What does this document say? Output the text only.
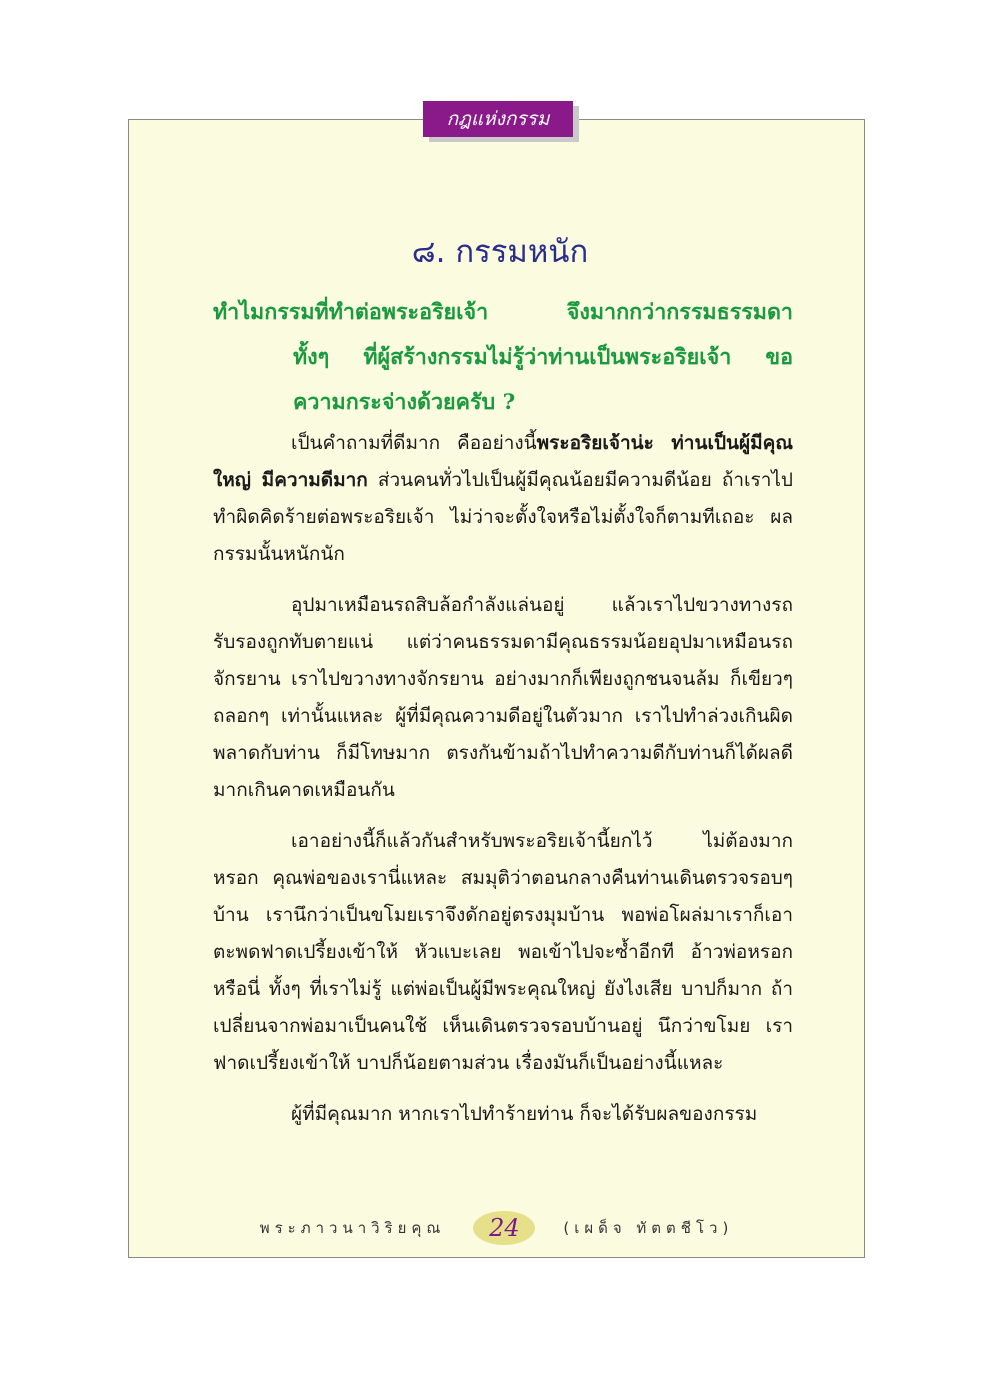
กฎแห่งกรรม
๘. กรรมหนัก
ทำไมกรรมที่ทำต่อพระอริยเจ้า จึงมากกว่ากรรมธรรมดา
ทั้งๆ ที่ผู้สร้างกรรมไม่รู้ว่าท่านเป็นพระอริยเจ้า ขอ
ความกระจ่างด้วยครับ ?

เป็นคำถามที่ดีมาก คืออย่างนี้พระอริยเจ้าน่ะ ท่านเป็นผู้มีคุณใหญ่ มีความดีมาก ส่วนคนทั่วไปเป็นผู้มีคุณน้อยมีความดีน้อย ถ้าเราไปทำผิดคิดร้ายต่อพระอริยเจ้า ไม่ว่าจะตั้งใจหรือไม่ตั้งใจก็ตามทีเถอะ ผลกรรมนั้นหนักนัก

อุปมาเหมือนรถสิบล้อกำลังแล่นอยู่ แล้วเราไปขวางทางรถ รับรองถูกทับตายแน่ แต่ว่าคนธรรมดามีคุณธรรมน้อยอุปมาเหมือนรถจักรยาน เราไปขวางทางจักรยาน อย่างมากก็เพียงถูกชนจนล้ม ก็เขียวๆ ถลอกๆ เท่านั้นแหละ ผู้ที่มีคุณความดีอยู่ในตัวมาก เราไปทำล่วงเกินผิดพลาดกับท่าน ก็มีโทษมาก ตรงกันข้ามถ้าไปทำความดีกับท่านก็ได้ผลดีมากเกินคาดเหมือนกัน

เอาอย่างนี้ก็แล้วกันสำหรับพระอริยเจ้านี้ยกไว้ ไม่ต้องมากหรอก คุณพ่อของเรานี่แหละ สมมุติว่าตอนกลางคืนท่านเดินตรวจรอบๆ บ้าน เรานึกว่าเป็นขโมยเราจึงดักอยู่ตรงมุมบ้าน พอพ่อโผล่มาเราก็เอาตะพดฟาดเปรี้ยงเข้าให้ หัวแบะเลย พอเข้าไปจะซ้ำอีกที อ้าวพ่อหรอกหรือนี่ ทั้งๆ ที่เราไม่รู้ แต่พ่อเป็นผู้มีพระคุณใหญ่ ยังไงเสีย บาปก็มาก ถ้าเปลี่ยนจากพ่อมาเป็นคนใช้ เห็นเดินตรวจรอบบ้านอยู่ นึกว่าขโมย เราฟาดเปรี้ยงเข้าให้ บาปก็น้อยตามส่วน เรื่องมันก็เป็นอย่างนี้แหละ

ผู้ที่มีคุณมาก หากเราไปทำร้ายท่าน ก็จะได้รับผลของกรรม

พระภาวนาวิริยคุณ	24	(เผด็จ ทัตตชีโว)
